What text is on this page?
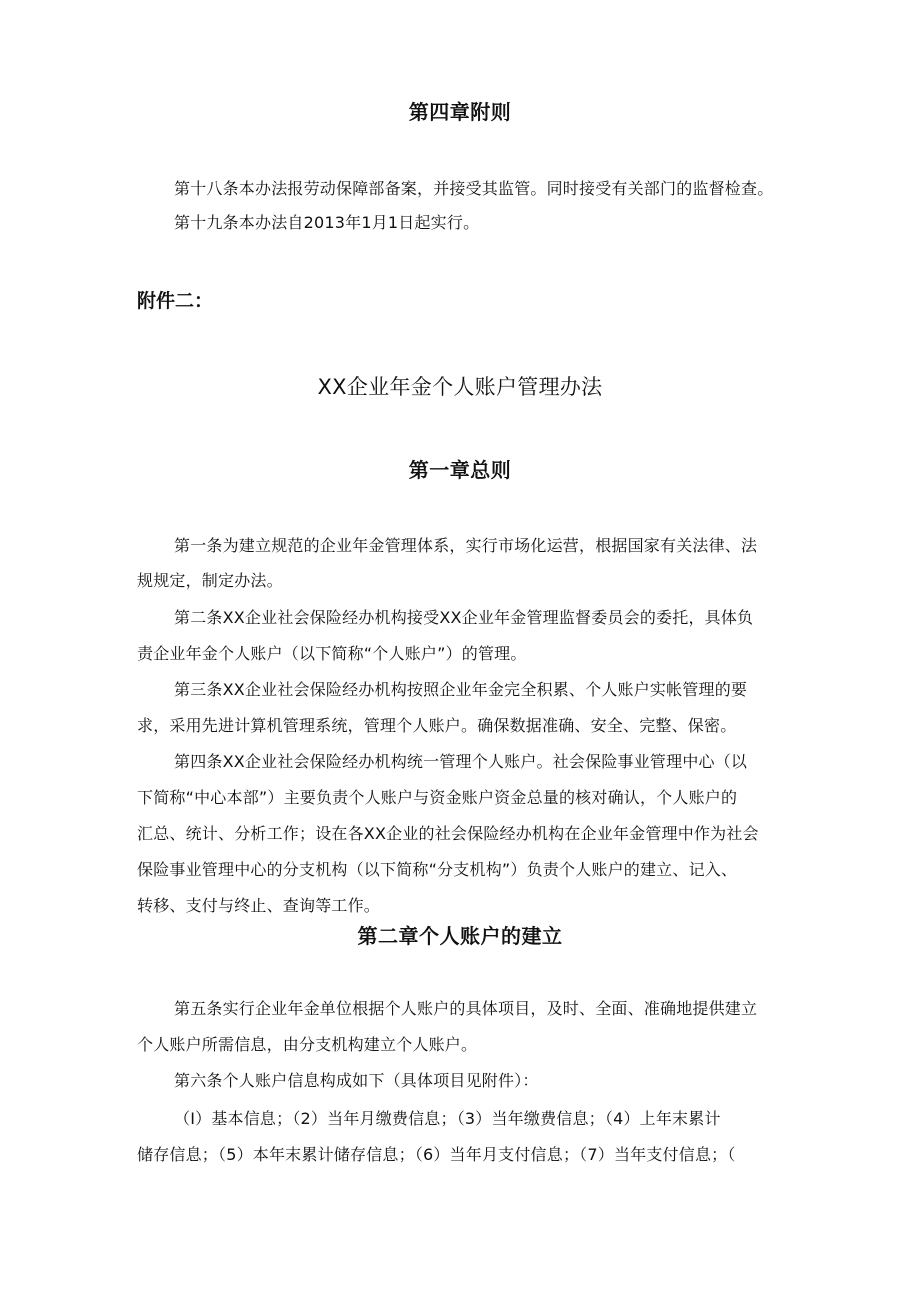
第四章附则
第十八条本办法报劳动保障部备案，并接受其监管。同时接受有关部门的监督检查。
第十九条本办法自2013年1月1日起实行。
附件二：
XX企业年金个人账户管理办法
第一章总则
第一条为建立规范的企业年金管理体系，实行市场化运营，根据国家有关法律、法
规规定，制定办法。
第二条XX企业社会保险经办机构接受XX企业年金管理监督委员会的委托，具体负
责企业年金个人账户（以下简称“个人账户”）的管理。
第三条XX企业社会保险经办机构按照企业年金完全积累、个人账户实帐管理的要
求，采用先进计算机管理系统，管理个人账户。确保数据准确、安全、完整、保密。
第四条XX企业社会保险经办机构统一管理个人账户。社会保险事业管理中心（以
下简称“中心本部”）主要负责个人账户与资金账户资金总量的核对确认，个人账户的
汇总、统计、分析工作；设在各XX企业的社会保险经办机构在企业年金管理中作为社会
保险事业管理中心的分支机构（以下简称“分支机构”）负责个人账户的建立、记入、
转移、支付与终止、查询等工作。
第二章个人账户的建立
第五条实行企业年金单位根据个人账户的具体项目，及时、全面、准确地提供建立
个人账户所需信息，由分支机构建立个人账户。
第六条个人账户信息构成如下（具体项目见附件）：
（I）基本信息；（2）当年月缴费信息；（3）当年缴费信息；（4）上年末累计
储存信息；（5）本年末累计储存信息；（6）当年月支付信息；（7）当年支付信息；（
